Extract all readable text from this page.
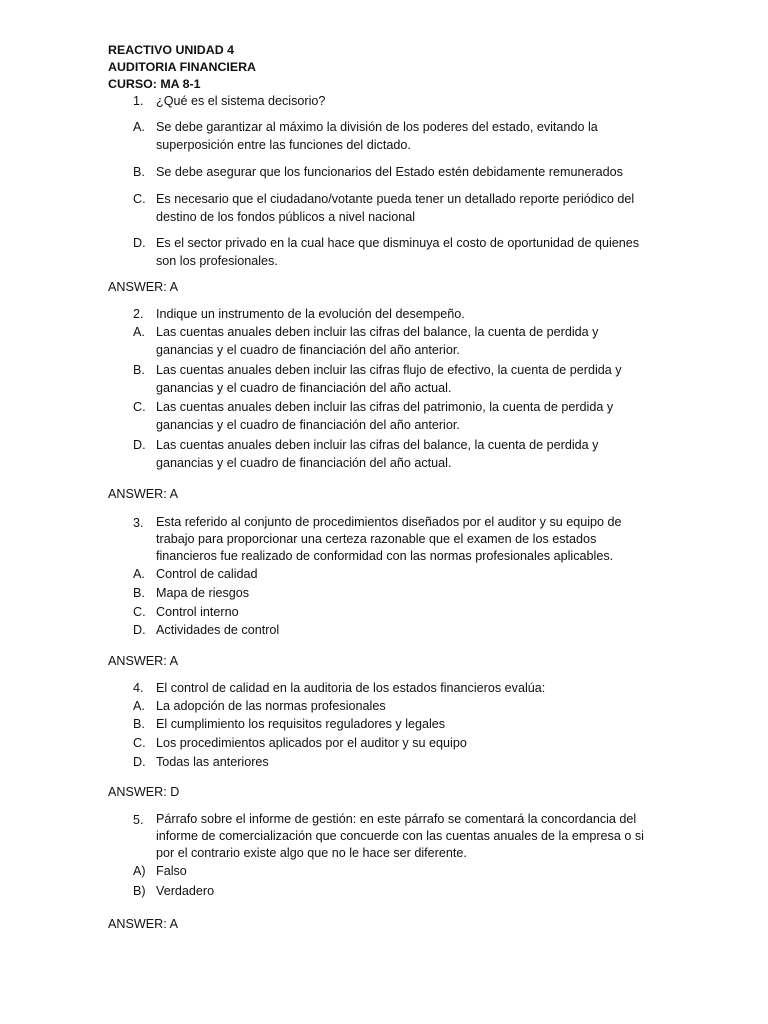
REACTIVO UNIDAD 4
AUDITORIA FINANCIERA
CURSO: MA 8-1
1. ¿Qué es el sistema decisorio?
A. Se debe garantizar al máximo la división de los poderes del estado, evitando la superposición entre las funciones del dictado.
B. Se debe asegurar que los funcionarios del Estado estén debidamente remunerados
C. Es necesario que el ciudadano/votante pueda tener un detallado reporte periódico del destino de los fondos públicos a nivel nacional
D. Es el sector privado en la cual hace que disminuya el costo de oportunidad de quienes son los profesionales.
ANSWER: A
2. Indique un instrumento de la evolución del desempeño.
A. Las cuentas anuales deben incluir las cifras del balance, la cuenta de perdida y ganancias y el cuadro de financiación del año anterior.
B. Las cuentas anuales deben incluir las cifras flujo de efectivo, la cuenta de perdida y ganancias y el cuadro de financiación del año actual.
C. Las cuentas anuales deben incluir las cifras del patrimonio, la cuenta de perdida y ganancias y el cuadro de financiación del año anterior.
D. Las cuentas anuales deben incluir las cifras del balance, la cuenta de perdida y ganancias y el cuadro de financiación del año actual.
ANSWER: A
3. Esta referido al conjunto de procedimientos diseñados por el auditor y su equipo de trabajo para proporcionar una certeza razonable que el examen de los estados financieros fue realizado de conformidad con las normas profesionales aplicables.
A. Control de calidad
B. Mapa de riesgos
C. Control interno
D. Actividades de control
ANSWER: A
4. El control de calidad en la auditoria de los estados financieros evalúa:
A. La adopción de las normas profesionales
B. El cumplimiento los requisitos reguladores y legales
C. Los procedimientos aplicados por el auditor y su equipo
D. Todas las anteriores
ANSWER: D
5. Párrafo sobre el informe de gestión: en este párrafo se comentará la concordancia del informe de comercialización que concuerde con las cuentas anuales de la empresa o si por el contrario existe algo que no le hace ser diferente.
A) Falso
B) Verdadero
ANSWER: A
